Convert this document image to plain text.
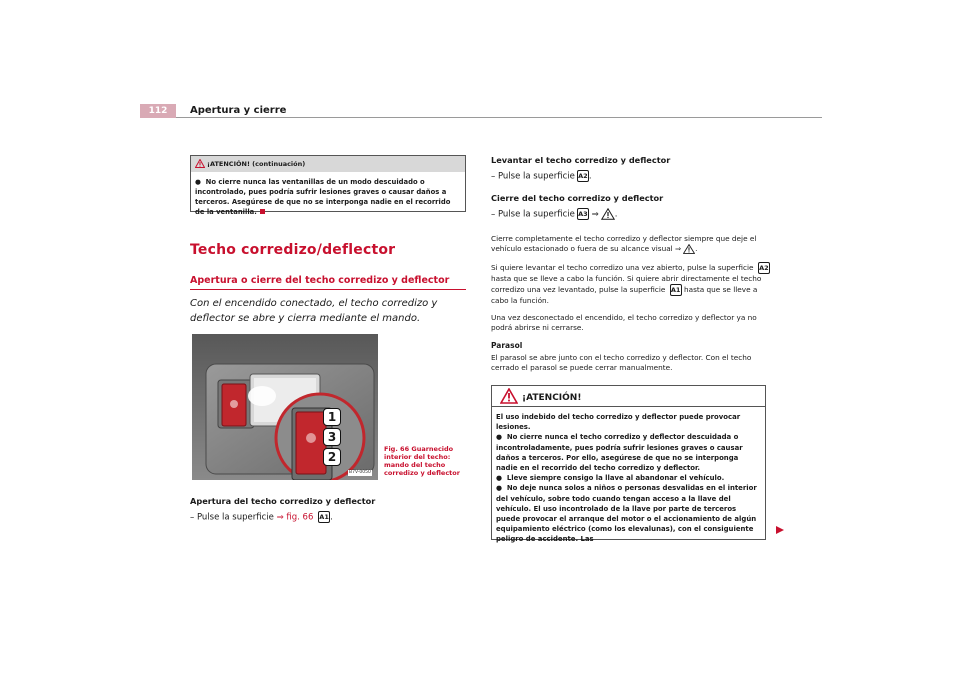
112	Apertura y cierre
¡ATENCIÓN! (continuación)
●  No cierre nunca las ventanillas de un modo descuidado o incontrolado, pues podría sufrir lesiones graves o causar daños a terceros. Asegúrese de que no se interponga nadie en el recorrido de la ventanilla.
Techo corredizo/deflector
Apertura o cierre del techo corredizo y deflector
Con el encendido conectado, el techo corredizo y deflector se abre y cierra mediante el mando.
1
3
2
B7V-0050
Fig. 66 Guarnecido interior del techo: mando del techo corredizo y deflector
Apertura del techo corredizo y deflector
– Pulse la superficie ⇒ fig. 66 A1.
Levantar el techo corredizo y deflector
– Pulse la superficie A2.
Cierre del techo corredizo y deflector
– Pulse la superficie A3 ⇒ .
Cierre completamente el techo corredizo y deflector siempre que deje el vehículo estacionado o fuera de su alcance visual ⇒ .
Si quiere levantar el techo corredizo una vez abierto, pulse la superficie A2 hasta que se lleve a cabo la función. Si quiere abrir directamente el techo corredizo una vez levantado, pulse la superficie A1 hasta que se lleve a cabo la función.
Una vez desconectado el encendido, el techo corredizo y deflector ya no podrá abrirse ni cerrarse.
Parasol
El parasol se abre junto con el techo corredizo y deflector. Con el techo cerrado el parasol se puede cerrar manualmente.
¡ATENCIÓN!
El uso indebido del techo corredizo y deflector puede provocar lesiones.
●  No cierre nunca el techo corredizo y deflector descuidada o incontroladamente, pues podría sufrir lesiones graves o causar daños a terceros. Por ello, asegúrese de que no se interponga nadie en el recorrido del techo corredizo y deflector.
●  Lleve siempre consigo la llave al abandonar el vehículo.
●  No deje nunca solos a niños o personas desvalidas en el interior del vehículo, sobre todo cuando tengan acceso a la llave del vehículo. El uso incontrolado de la llave por parte de terceros puede provocar el arranque del motor o el accionamiento de algún equipamiento eléctrico (como los elevalunas), con el consiguiente peligro de accidente. Las
